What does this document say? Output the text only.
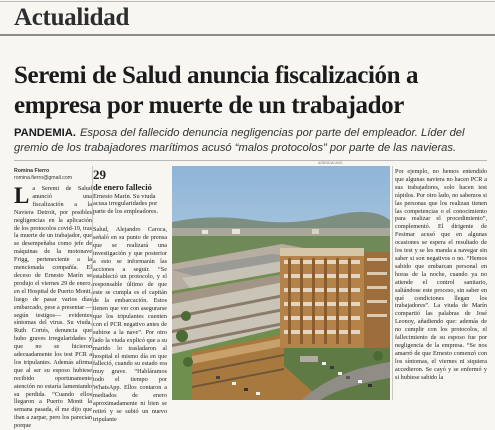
Actualidad
Seremi de Salud anuncia fiscalización a empresa por muerte de un trabajador
PANDEMIA. Esposa del fallecido denuncia negligencias por parte del empleador. Líder del gremio de los trabajadores marítimos acusó “malos protocolos” por parte de las navieras.
Romina Fierro
romina.fierro@gmail.com
La Seremi de Salud anunció una fiscalización a la Naviera Detroit, por posibles negligencias en la aplicación de los protocolos covid-19, tras la muerte de un trabajador, que se desempeñaba como jefe de máquinas de la motonave Frigg, perteneciente a la mencionada compañía. El deceso de Ernesto Marín se produjo el viernes 29 de enero, en el Hospital de Puerto Montt, luego de pasar varios días embarcado, pese a presentar —según testigos— evidentes síntomas del virus. Su viuda, Ruth Cortés, denuncia que hubo graves irregularidades y que no se hicieron adecuadamente los test PCR a los tripulantes. Además afirma que al ser su esposo hubiese recibido oportunamente atención no estaría lamentando su perdida. “Cuando ellos llegaron a Puerto Montt la semana pasada, él me dijo que iban a zarpar, pero los parecían porque
29
de enero falleció Ernesto Marín. Su viuda acusa irregularidades por parte de los empleadores.
Salud, Alejandro Caroca, señaló en su punto de prensa que se realizará una investigación y que posterior a esto se informarán las acciones a seguir. “Se estableció un protocolo, y el responsable último de que este se cumpla es el capitán de la embarcación. Estos tienen que ver con asegurarse que los tripulantes cuenten con el PCR negativo antes de subirse a la nave”. Por otro lado la viuda explicó que a su marido lo trasladaron al hospital el mismo día en que falleció, cuando su estado era muy grave. “Habláramos todo el tiempo por WhatsApp. Ellos contaron a mediados de enero aproximadamente ni bien se retiró y se subió un nuevo tripulante
AGENCIA UNO
Por ejemplo, no hemos entendido que algunas naviera no hacen PCR a sus trabajadores, solo hacen test rápidos. Por otro lado, no sabemos si las personas que los realizan tienen las competencias o el conocimiento para realizar el procedimiento”, complementó. El dirigente de Fesimar acusó que en algunas ocasiones se espera el resultado de los test y se les manda a navegar sin saber si son negativos o no. “Hemos sabido que embarcan personal en horas de la noche, cuando ya no atiende el control sanitario, saltándose este proceso, sin saber en qué condiciones llegan los trabajadores”. La viuda de Marín compartió las palabras de José Leonoy, añadiendo que: además de no cumplir con los protocolos, el fallecimiento de su esposo fue por negligencia de la empresa. “Se nos amarró de que Ernesto comenzó con los síntomas, el viernes ni siquiera accedieron. Se cayó y se enfermó y si hubiese sabido la
